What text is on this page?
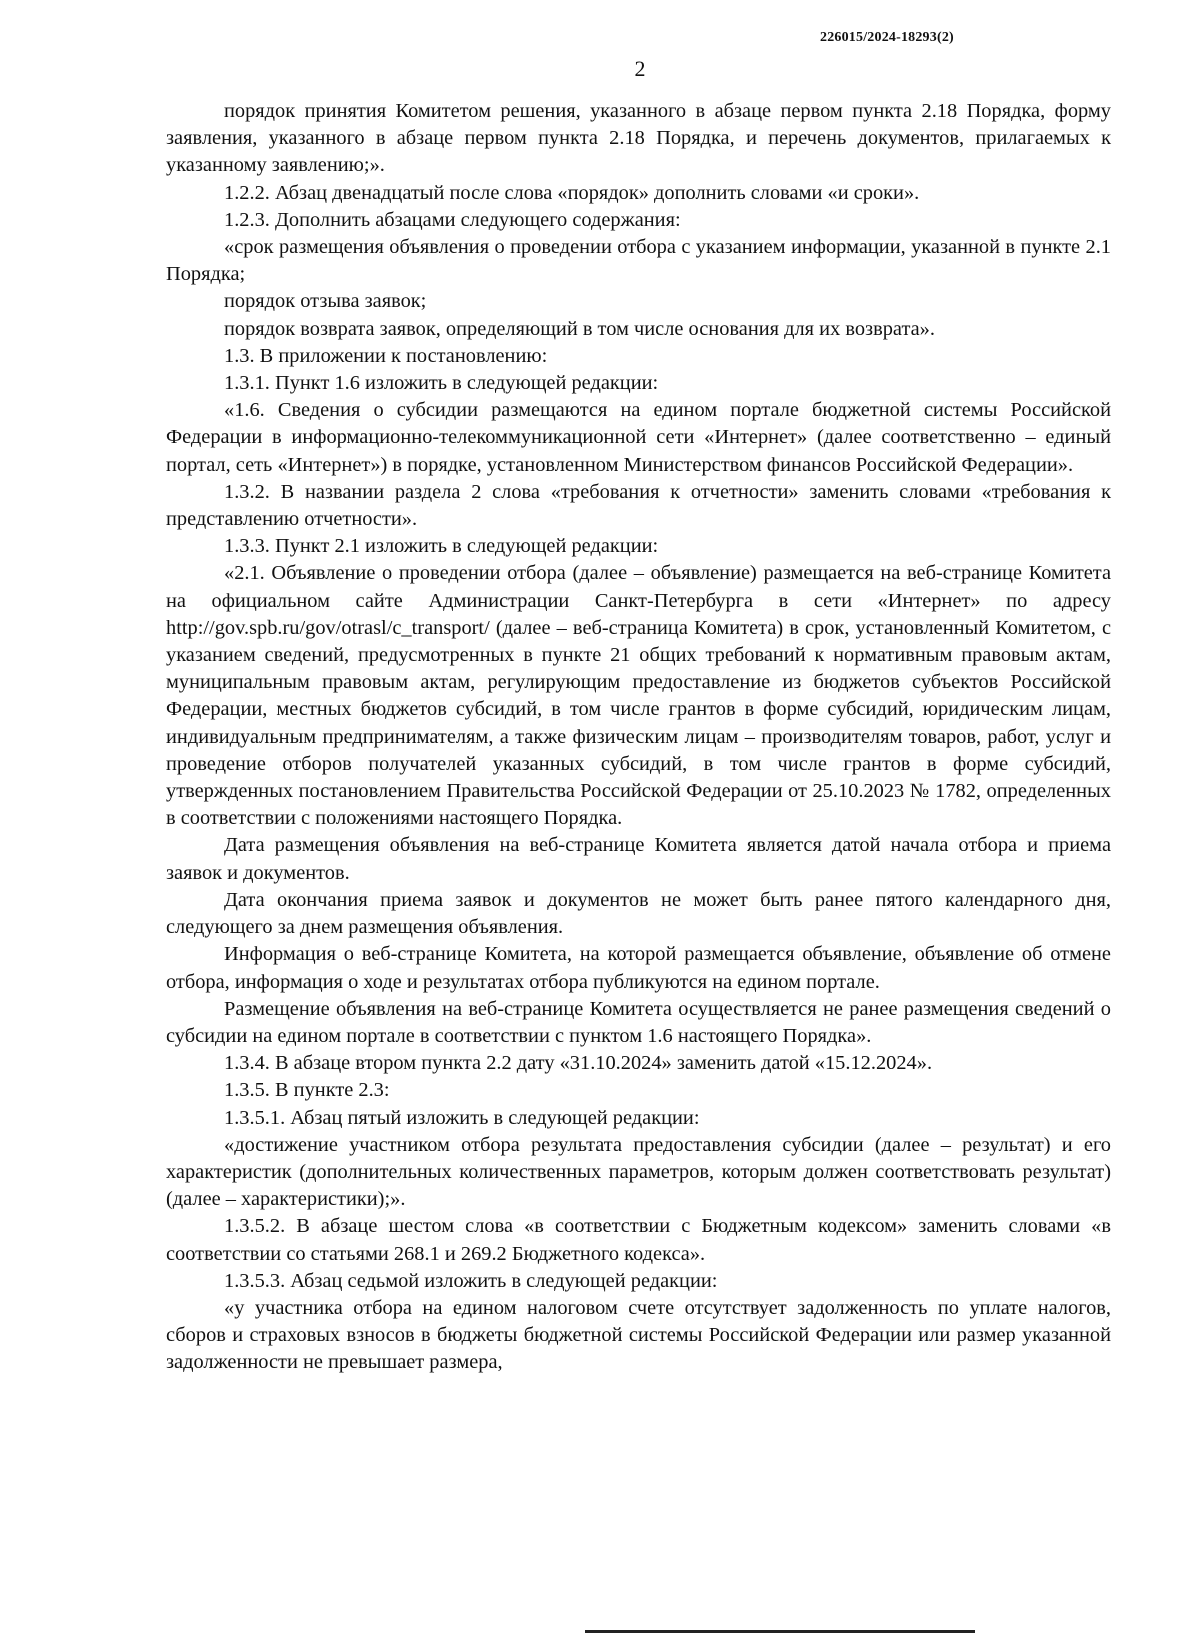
226015/2024-18293(2)
2

порядок принятия Комитетом решения, указанного в абзаце первом пункта 2.18 Порядка, форму заявления, указанного в абзаце первом пункта 2.18 Порядка, и перечень документов, прилагаемых к указанному заявлению;».

1.2.2. Абзац двенадцатый после слова «порядок» дополнить словами «и сроки».

1.2.3. Дополнить абзацами следующего содержания:

«срок размещения объявления о проведении отбора с указанием информации, указанной в пункте 2.1 Порядка;

порядок отзыва заявок;

порядок возврата заявок, определяющий в том числе основания для их возврата».

1.3. В приложении к постановлению:

1.3.1. Пункт 1.6 изложить в следующей редакции:

«1.6. Сведения о субсидии размещаются на едином портале бюджетной системы Российской Федерации в информационно-телекоммуникационной сети «Интернет» (далее соответственно – единый портал, сеть «Интернет») в порядке, установленном Министерством финансов Российской Федерации».

1.3.2. В названии раздела 2 слова «требования к отчетности» заменить словами «требования к представлению отчетности».

1.3.3. Пункт 2.1 изложить в следующей редакции:

«2.1. Объявление о проведении отбора (далее – объявление) размещается на веб-странице Комитета на официальном сайте Администрации Санкт-Петербурга в сети «Интернет» по адресу http://gov.spb.ru/gov/otrasl/c_transport/ (далее – веб-страница Комитета) в срок, установленный Комитетом, с указанием сведений, предусмотренных в пункте 21 общих требований к нормативным правовым актам, муниципальным правовым актам, регулирующим предоставление из бюджетов субъектов Российской Федерации, местных бюджетов субсидий, в том числе грантов в форме субсидий, юридическим лицам, индивидуальным предпринимателям, а также физическим лицам – производителям товаров, работ, услуг и проведение отборов получателей указанных субсидий, в том числе грантов в форме субсидий, утвержденных постановлением Правительства Российской Федерации от 25.10.2023 № 1782, определенных в соответствии с положениями настоящего Порядка.

Дата размещения объявления на веб-странице Комитета является датой начала отбора и приема заявок и документов.

Дата окончания приема заявок и документов не может быть ранее пятого календарного дня, следующего за днем размещения объявления.

Информация о веб-странице Комитета, на которой размещается объявление, объявление об отмене отбора, информация о ходе и результатах отбора публикуются на едином портале.

Размещение объявления на веб-странице Комитета осуществляется не ранее размещения сведений о субсидии на едином портале в соответствии с пунктом 1.6 настоящего Порядка».

1.3.4. В абзаце втором пункта 2.2 дату «31.10.2024» заменить датой «15.12.2024».

1.3.5. В пункте 2.3:

1.3.5.1. Абзац пятый изложить в следующей редакции:

«достижение участником отбора результата предоставления субсидии (далее – результат) и его характеристик (дополнительных количественных параметров, которым должен соответствовать результат) (далее – характеристики);».

1.3.5.2. В абзаце шестом слова «в соответствии с Бюджетным кодексом» заменить словами «в соответствии со статьями 268.1 и 269.2 Бюджетного кодекса».

1.3.5.3. Абзац седьмой изложить в следующей редакции:

«у участника отбора на едином налоговом счете отсутствует задолженность по уплате налогов, сборов и страховых взносов в бюджеты бюджетной системы Российской Федерации или размер указанной задолженности не превышает размера,
